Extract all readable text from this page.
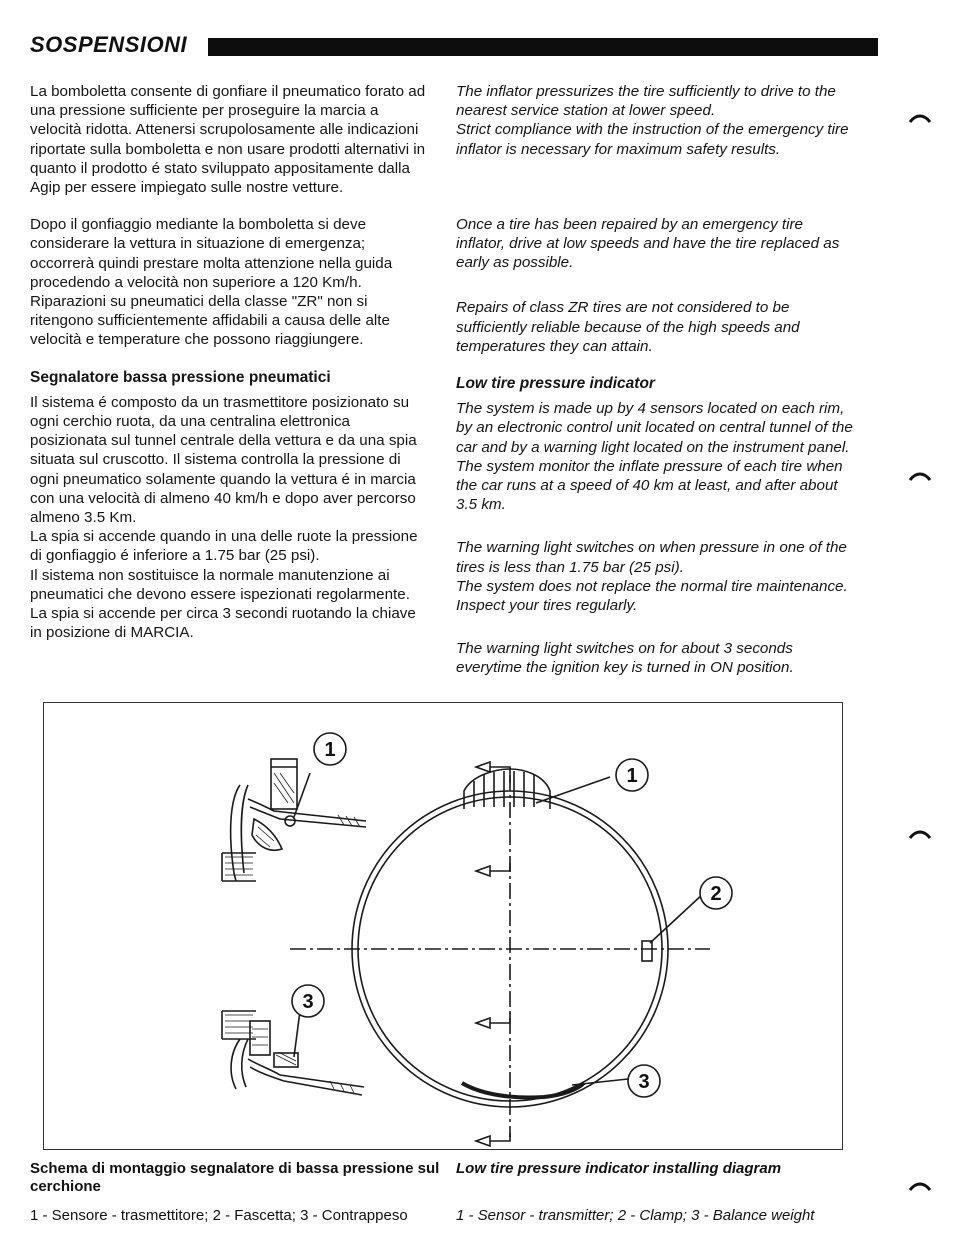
SOSPENSIONI

La bomboletta consente di gonfiare il pneumatico forato ad una pressione sufficiente per proseguire la marcia a velocità ridotta. Attenersi scrupolosamente alle indicazioni riportate sulla bomboletta e non usare prodotti alternativi in quanto il prodotto é stato sviluppato appositamente dalla Agip per essere impiegato sulle nostre vetture.

Dopo il gonfiaggio mediante la bomboletta si deve considerare la vettura in situazione di emergenza; occorrerà quindi prestare molta attenzione nella guida procedendo a velocità non superiore a 120 Km/h.

Riparazioni su pneumatici della classe "ZR" non si ritengono sufficientemente affidabili a causa delle alte velocità e temperature che possono riaggiungere.

Segnalatore bassa pressione pneumatici

Il sistema é composto da un trasmettitore posizionato su ogni cerchio ruota, da una centralina elettronica posizionata sul tunnel centrale della vettura e da una spia situata sul cruscotto. Il sistema controlla la pressione di ogni pneumatico solamente quando la vettura é in marcia con una velocità di almeno 40 km/h e dopo aver percorso almeno 3.5 Km.

La spia si accende quando in una delle ruote la pressione di gonfiaggio é inferiore a 1.75 bar (25 psi).

Il sistema non sostituisce la normale manutenzione ai pneumatici che devono essere ispezionati regolarmente.

La spia si accende per circa 3 secondi ruotando la chiave in posizione di MARCIA.

The inflator pressurizes the tire sufficiently to drive to the nearest service station at lower speed.

Strict compliance with the instruction of the emergency tire inflator is necessary for maximum safety results.

Once a tire has been repaired by an emergency tire inflator, drive at low speeds and have the tire replaced as early as possible.

Repairs of class ZR tires are not considered to be sufficiently reliable because of the high speeds and temperatures they can attain.

Low tire pressure indicator

The system is made up by 4 sensors located on each rim, by an electronic control unit located on central tunnel of the car and by a warning light located on the instrument panel. The system monitor the inflate pressure of each tire when the car runs at a speed of 40 km at least, and after about 3.5 km.

The warning light switches on when pressure in one of the tires is less than 1.75 bar (25 psi).

The system does not replace the normal tire maintenance. Inspect your tires regularly.

The warning light switches on for about 3 seconds everytime the ignition key is turned in ON position.

1
1
2
3
3
Schema di montaggio segnalatore di bassa pressione sul cerchione
Low tire pressure indicator installing diagram
1 - Sensore - trasmettitore; 2 - Fascetta; 3 - Contrappeso	1 - Sensor - transmitter; 2 - Clamp; 3 - Balance weight
